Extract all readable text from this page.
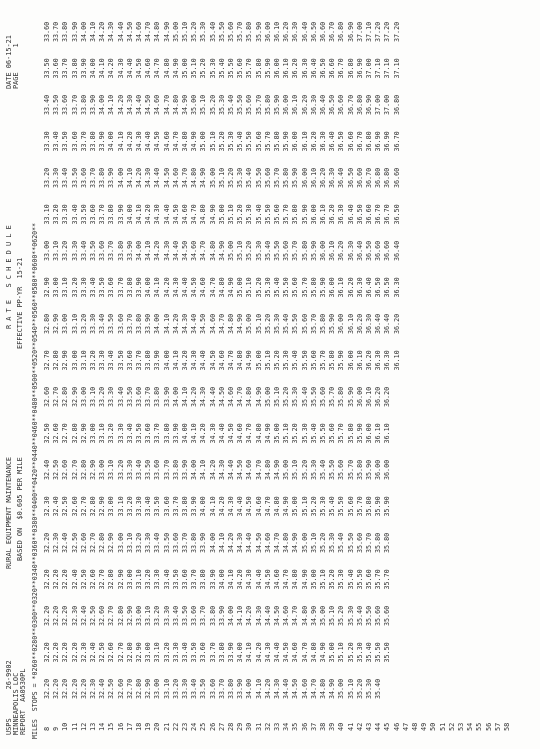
USPS       26-9902 MINNEAPOLIS LOC REPORT  AA0530PL
RURAL EQUIPMENT MAINTENANCE BASED ON  $0.605 PER MILE
R A T E   S C H E D U L E EFFECTIVE PP-YR  15-21
DATE 06-15-21 PAGE      1
MILES  STOPS = *0260**0280**0300**0320**0340**0360**0380**0400**0420**0440**0460**0480**0500**0520**0540**0560**0580**0600**0620** 8
32.20
32.20
32.20
32.20
32.20
32.30
32.40
32.50
32.60
32.70
32.80
32.90
33.00
33.10
33.20
33.30
33.40
33.50
33.60
9
32.20
32.20
32.20
32.20
32.30
32.40
32.50
32.60
32.70
32.80
32.90
33.00
33.10
33.20
33.30
33.40
33.50
33.60
33.70
10
32.20
32.20
32.20
32.20
32.40
32.50
32.60
32.70
32.80
32.90
33.00
33.10
33.20
33.30
33.40
33.50
33.60
33.70
33.80
11
32.20
32.20
32.30
32.40
32.50
32.60
32.70
32.80
32.90
33.00
33.10
33.20
33.30
33.40
33.50
33.60
33.70
33.80
33.90
12
32.20
32.30
32.40
32.50
32.60
32.70
32.80
32.90
33.00
33.10
33.20
33.30
33.40
33.50
33.60
33.70
33.80
33.90
34.00
13
32.30
32.40
32.50
32.60
32.70
32.80
32.90
33.00
33.10
33.20
33.30
33.40
33.50
33.60
33.70
33.80
33.90
34.00
34.10
14
32.40
32.50
32.60
32.70
32.80
32.90
33.00
33.10
33.20
33.30
33.40
33.50
33.60
33.70
33.80
33.90
34.00
34.10
34.20
15
32.50
32.60
32.70
32.80
32.90
33.00
33.10
33.20
33.30
33.40
33.50
33.60
33.70
33.80
33.90
34.00
34.10
34.20
34.30
16
32.60
32.70
32.80
32.90
33.00
33.10
33.20
33.30
33.40
33.50
33.60
33.70
33.80
33.90
34.00
34.10
34.20
34.30
34.40
17
32.70
32.80
32.90
33.00
33.10
33.20
33.30
33.40
33.50
33.60
33.70
33.80
33.90
34.00
34.10
34.20
34.30
34.40
34.50
18
32.80
32.90
33.00
33.10
33.20
33.30
33.40
33.50
33.60
33.70
33.80
33.90
34.00
34.10
34.20
34.30
34.40
34.50
34.60
19
32.90
33.00
33.10
33.20
33.30
33.40
33.50
33.60
33.70
33.80
33.90
34.00
34.10
34.20
34.30
34.40
34.50
34.60
34.70
20
33.00
33.10
33.20
33.30
33.40
33.50
33.60
33.70
33.80
33.90
34.00
34.10
34.20
34.30
34.40
34.50
34.60
34.70
34.80
21
33.10
33.20
33.30
33.40
33.50
33.60
33.70
33.80
33.90
34.00
34.10
34.20
34.30
34.40
34.50
34.60
34.70
34.80
34.90
22
33.20
33.30
33.40
33.50
33.60
33.70
33.80
33.90
34.00
34.10
34.20
34.30
34.40
34.50
34.60
34.70
34.80
34.90
35.00
23
33.30
33.40
33.50
33.60
33.70
33.80
33.90
34.00
34.10
34.20
34.30
34.40
34.50
34.60
34.70
34.80
34.90
35.00
35.10
24
33.40
33.50
33.60
33.70
33.80
33.90
34.00
34.10
34.20
34.30
34.40
34.50
34.60
34.70
34.80
34.90
35.00
35.10
35.20
25
33.50
33.60
33.70
33.80
33.90
34.00
34.10
34.20
34.30
34.40
34.50
34.60
34.70
34.80
34.90
35.00
35.10
35.20
35.30
26
33.60
33.70
33.80
33.90
34.00
34.10
34.20
34.30
34.40
34.50
34.60
34.70
34.80
34.90
35.00
35.10
35.20
35.30
35.40
27
33.70
33.80
33.90
34.00
34.10
34.20
34.30
34.40
34.50
34.60
34.70
34.80
34.90
35.00
35.10
35.20
35.30
35.40
35.50
28
33.80
33.90
34.00
34.10
34.20
34.30
34.40
34.50
34.60
34.70
34.80
34.90
35.00
35.10
35.20
35.30
35.40
35.50
35.60
29
33.90
34.00
34.10
34.20
34.30
34.40
34.50
34.60
34.70
34.80
34.90
35.00
35.10
35.20
35.30
35.40
35.50
35.60
35.70
30
34.00
34.10
34.20
34.30
34.40
34.50
34.60
34.70
34.80
34.90
35.00
35.10
35.20
35.30
35.40
35.50
35.60
35.70
35.80
31
34.10
34.20
34.30
34.40
34.50
34.60
34.70
34.80
34.90
35.00
35.10
35.20
35.30
35.40
35.50
35.60
35.70
35.80
35.90
32
34.20
34.30
34.40
34.50
34.60
34.70
34.80
34.90
35.00
35.10
35.20
35.30
35.40
35.50
35.60
35.70
35.80
35.90
36.00
33
34.30
34.40
34.50
34.60
34.70
34.80
34.90
35.00
35.10
35.20
35.30
35.40
35.50
35.60
35.70
35.80
35.90
36.00
36.10
34
34.40
34.50
34.60
34.70
34.80
34.90
35.00
35.10
35.20
35.30
35.40
35.50
35.60
35.70
35.80
35.90
36.00
36.10
36.20
35
34.50
34.60
34.70
34.80
34.90
35.00
35.10
35.20
35.30
35.40
35.50
35.60
35.70
35.80
35.90
36.00
36.10
36.20
36.30
36
34.60
34.70
34.80
34.90
35.00
35.10
35.20
35.30
35.40
35.50
35.60
35.70
35.80
35.90
36.00
36.10
36.20
36.30
36.40
37
34.70
34.80
34.90
35.00
35.10
35.20
35.30
35.40
35.50
35.60
35.70
35.80
35.90
36.00
36.10
36.20
36.30
36.40
36.50
38
34.80
34.90
35.00
35.10
35.20
35.30
35.40
35.50
35.60
35.70
35.80
35.90
36.00
36.10
36.20
36.30
36.40
36.50
36.60
39
34.90
35.00
35.10
35.20
35.30
35.40
35.50
35.60
35.70
35.80
35.90
36.00
36.10
36.20
36.30
36.40
36.50
36.60
36.70
40
35.00
35.10
35.20
35.30
35.40
35.50
35.60
35.70
35.80
35.90
36.00
36.10
36.20
36.30
36.40
36.50
36.60
36.70
36.80
41
35.10
35.20
35.30
35.40
35.50
35.60
35.70
35.80
35.90
36.00
36.10
36.20
36.30
36.40
36.50
36.60
36.70
36.80
36.90
42
35.20
35.30
35.40
35.50
35.60
35.70
35.80
35.90
36.00
36.10
36.20
36.30
36.40
36.50
36.60
36.70
36.80
36.90
37.00
43
35.30
35.40
35.50
35.60
35.70
35.80
35.90
36.00
36.10
36.20
36.30
36.40
36.50
36.60
36.70
36.80
36.90
37.00
37.10
44
35.40
35.50
35.60
35.70
35.80
35.90
36.00
36.10
36.20
36.30
36.40
36.50
36.60
36.70
36.80
36.90
37.00
37.10
37.20
45
35.50
35.60
35.70
35.80
35.90
36.00
36.10
36.20
36.30
36.40
36.50
36.60
36.70
36.80
36.90
37.00
37.10
37.20
46
36.10
36.20
36.30
36.40
36.50
36.60
36.70
36.80
37.10
37.20
47 48 49 50 51 52 53 54 55 56 57 58
